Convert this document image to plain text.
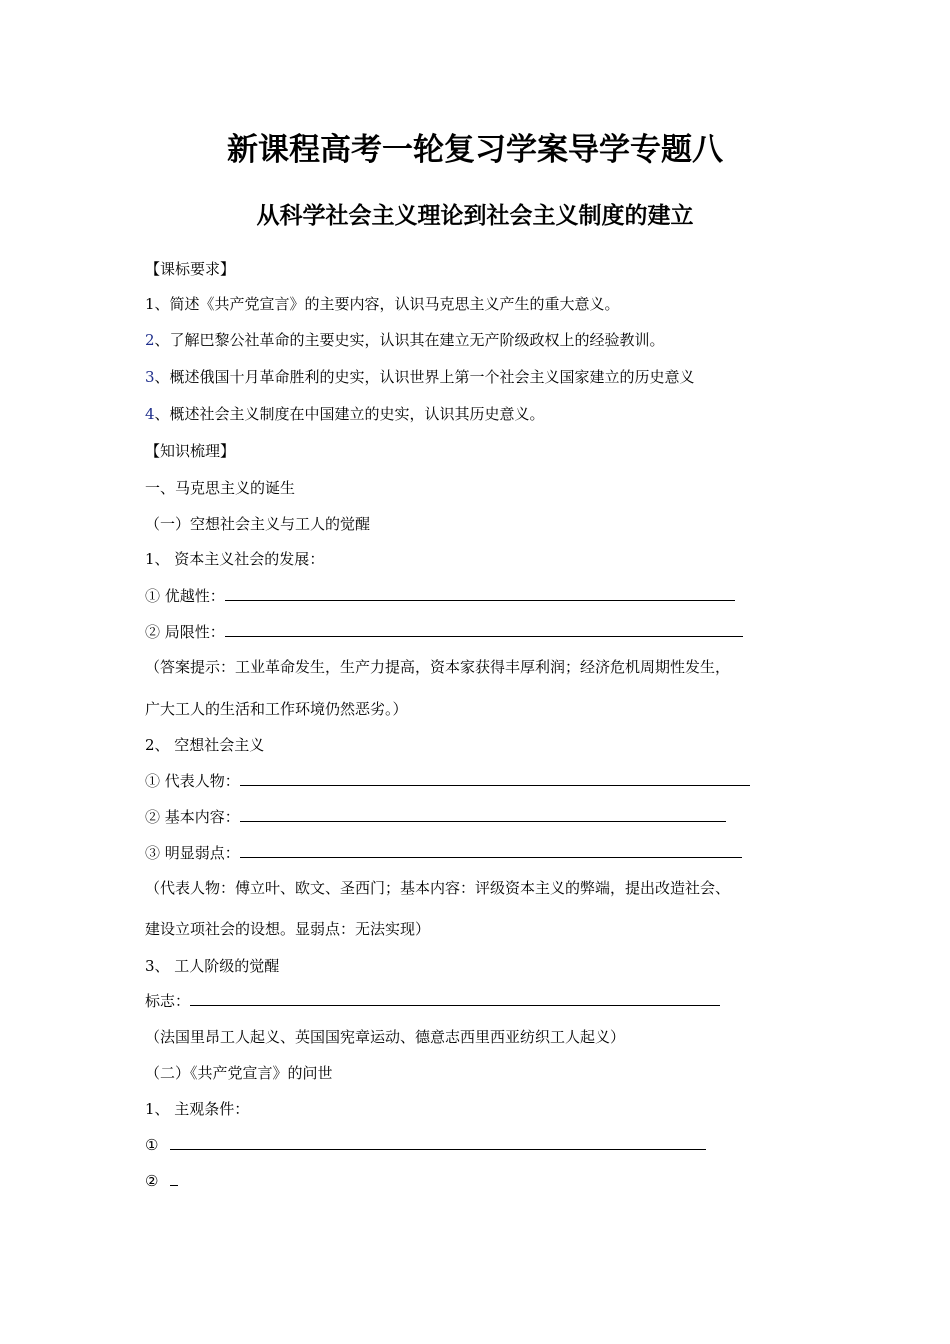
新课程高考一轮复习学案导学专题八
从科学社会主义理论到社会主义制度的建立
【课标要求】
1、简述《共产党宣言》的主要内容，认识马克思主义产生的重大意义。
2、了解巴黎公社革命的主要史实，认识其在建立无产阶级政权上的经验教训。
3、概述俄国十月革命胜利的史实，认识世界上第一个社会主义国家建立的历史意义
4、概述社会主义制度在中国建立的史实，认识其历史意义。
【知识梳理】
一、马克思主义的诞生
（一）空想社会主义与工人的觉醒
1、 资本主义社会的发展：
① 优越性：
② 局限性：
（答案提示：工业革命发生，生产力提高，资本家获得丰厚利润；经济危机周期性发生，
广大工人的生活和工作环境仍然恶劣。）
2、 空想社会主义
① 代表人物：
② 基本内容：
③ 明显弱点：
（代表人物：傅立叶、欧文、圣西门；基本内容：评级资本主义的弊端，提出改造社会、
建设立项社会的设想。显弱点：无法实现）
3、 工人阶级的觉醒
标志：
（法国里昂工人起义、英国国宪章运动、德意志西里西亚纺织工人起义）
（二）《共产党宣言》的问世
1、 主观条件：
①
②
